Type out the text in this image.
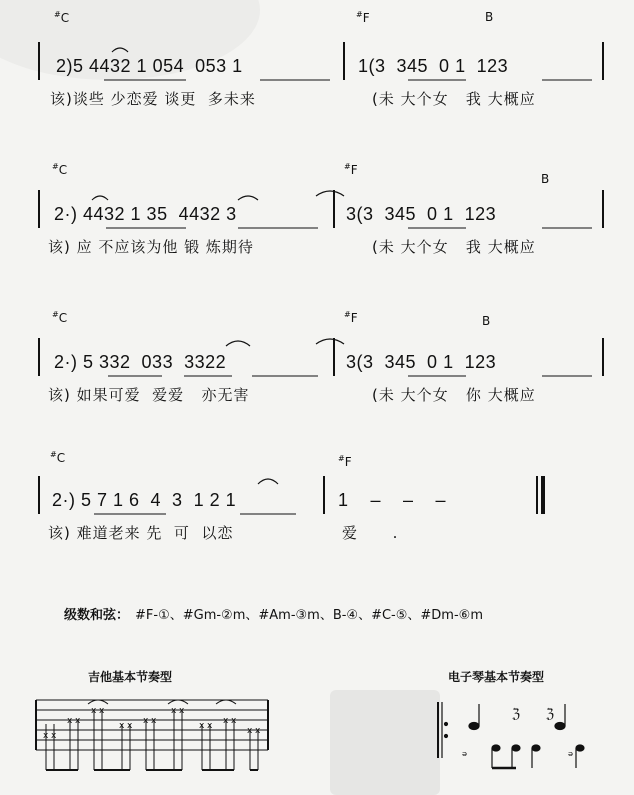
#C	#F	B
2)5 4432 1 054  053 1	1(3  345  0 1  123
该)谈些 少恋爱 谈更  多未来	(未 大个女   我 大概应
#C	#F
B
2·) 4432 1 35  4432 3	3(3  345  0 1  123
该) 应 不应该为他 锻 炼期待	(未 大个女   我 大概应
#C	#F	B
2·) 5 332  033  3322	3(3  345  0 1  123
该) 如果可爱  爱爱   亦无害	(未 大个女   你 大概应
#C	#F
2·) 5 7 1 6  4  3  1 2 1	1    –    –    –
该) 难道老来 先  可  以恋	爱      .
级数和弦： #F-①、#Gm-②m、#Am-③m、B-④、#C-⑤、#Dm-⑥m
吉他基本节奏型	电子琴基本节奏型
x x
x x
x x
x x x x
x x
x x x x
x x
ℨ ℨ
ₔ	ₔ
